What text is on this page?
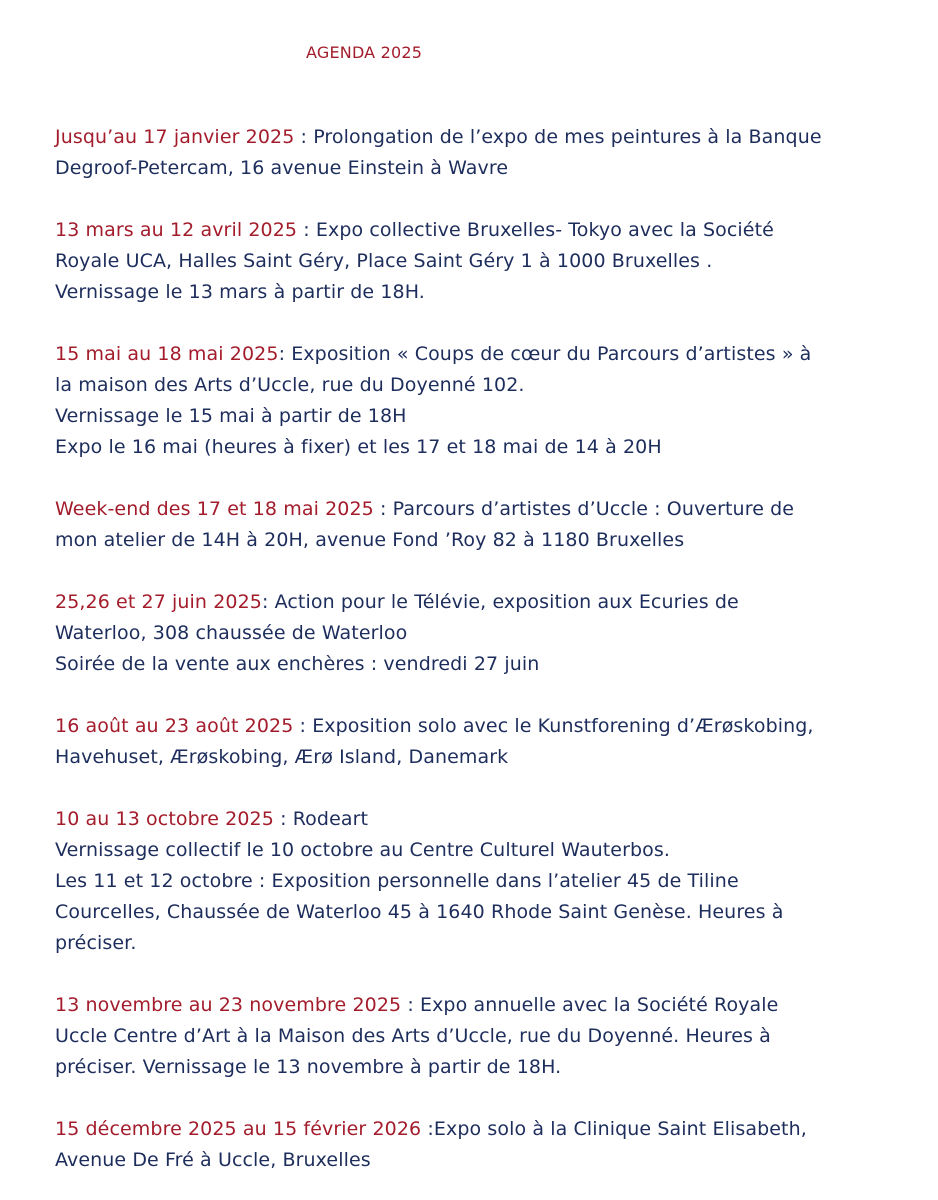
AGENDA 2025

Jusqu’au 17 janvier 2025 : Prolongation de l’expo de mes peintures à la Banque
Degroof-Petercam, 16 avenue Einstein à Wavre

13 mars au 12 avril 2025 : Expo collective Bruxelles- Tokyo avec la Société
Royale UCA, Halles Saint Géry, Place Saint Géry 1 à 1000 Bruxelles .
Vernissage le 13 mars à partir de 18H.

15 mai au 18 mai 2025: Exposition « Coups de cœur du Parcours d’artistes » à
la maison des Arts d’Uccle, rue du Doyenné 102.
Vernissage le 15 mai à partir de 18H
Expo le 16 mai (heures à fixer) et les 17 et 18 mai de 14 à 20H

Week-end des 17 et 18 mai 2025 : Parcours d’artistes d’Uccle : Ouverture de
mon atelier de 14H à 20H, avenue Fond ’Roy 82 à 1180 Bruxelles

25,26 et 27 juin 2025: Action pour le Télévie, exposition aux Ecuries de
Waterloo, 308 chaussée de Waterloo
Soirée de la vente aux enchères : vendredi 27 juin

16 août au 23 août 2025 : Exposition solo avec le Kunstforening d’Ærøskobing,
Havehuset, Ærøskobing, Ærø Island, Danemark

10 au 13 octobre 2025 : Rodeart
Vernissage collectif le 10 octobre au Centre Culturel Wauterbos.
Les 11 et 12 octobre : Exposition personnelle dans l’atelier 45 de Tiline
Courcelles, Chaussée de Waterloo 45 à 1640 Rhode Saint Genèse. Heures à
préciser.

13 novembre au 23 novembre 2025 : Expo annuelle avec la Société Royale
Uccle Centre d’Art à la Maison des Arts d’Uccle, rue du Doyenné. Heures à
préciser. Vernissage le 13 novembre à partir de 18H.

15 décembre 2025 au 15 février 2026 :Expo solo à la Clinique Saint Elisabeth,
Avenue De Fré à Uccle, Bruxelles
